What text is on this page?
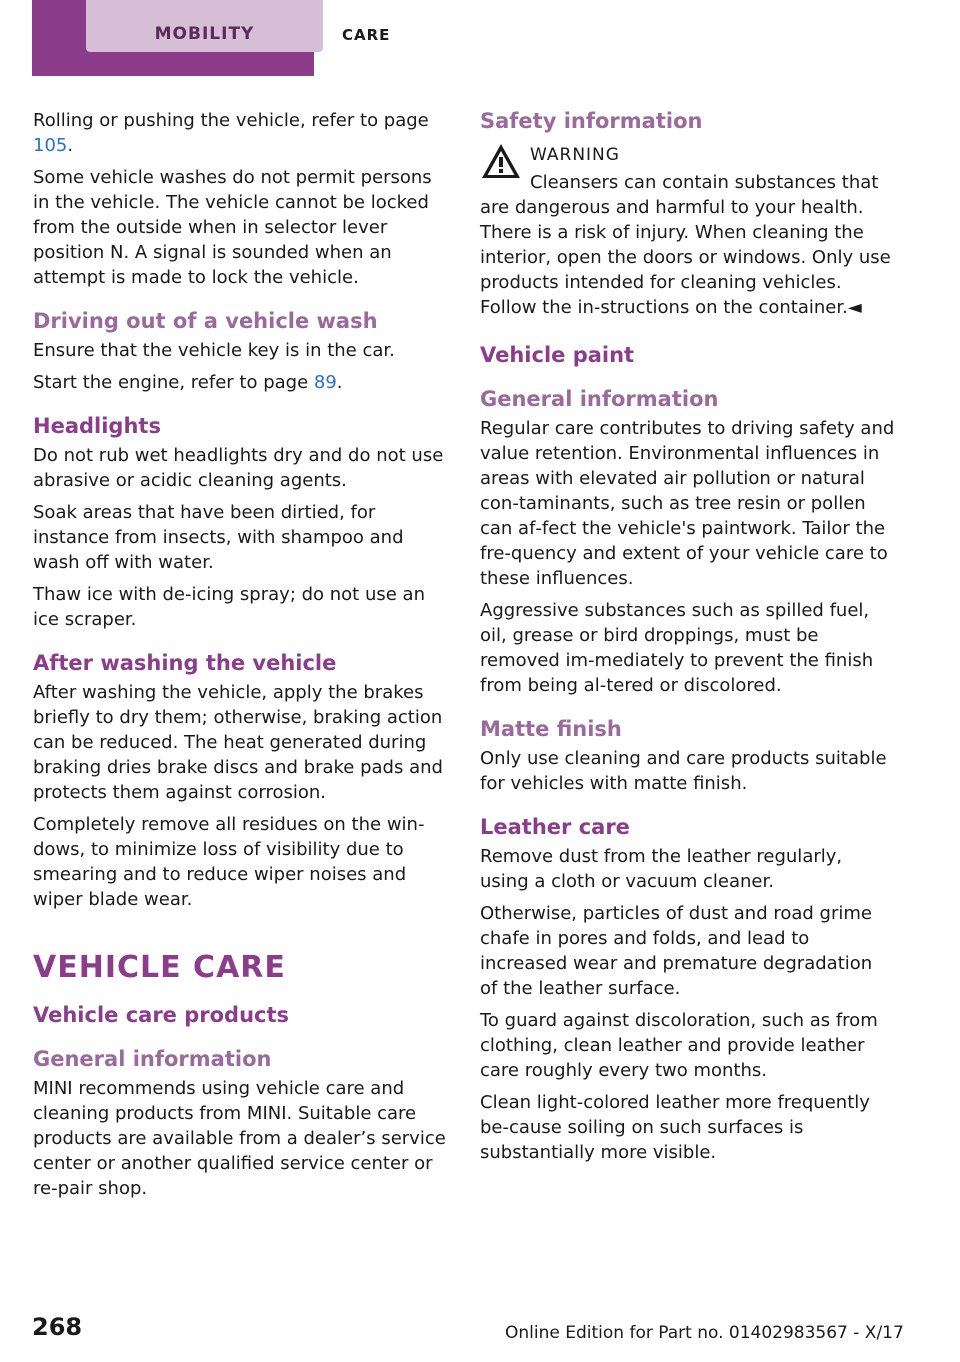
MOBILITY	CARE

Rolling or pushing the vehicle, refer to page 105.

Some vehicle washes do not permit persons in the vehicle. The vehicle cannot be locked from the outside when in selector lever position N. A signal is sounded when an attempt is made to lock the vehicle.

Driving out of a vehicle wash

Ensure that the vehicle key is in the car.

Start the engine, refer to page 89.

Headlights

Do not rub wet headlights dry and do not use abrasive or acidic cleaning agents.

Soak areas that have been dirtied, for instance from insects, with shampoo and wash off with water.

Thaw ice with de-icing spray; do not use an ice scraper.

After washing the vehicle

After washing the vehicle, apply the brakes briefly to dry them; otherwise, braking action can be reduced. The heat generated during braking dries brake discs and brake pads and protects them against corrosion.

Completely remove all residues on the win‐dows, to minimize loss of visibility due to smearing and to reduce wiper noises and wiper blade wear.

VEHICLE CARE
Vehicle care products
General information

MINI recommends using vehicle care and cleaning products from MINI. Suitable care products are available from a dealer’s service center or another qualified service center or re‐pair shop.

Safety information
WARNING

Cleansers can contain substances that are dangerous and harmful to your health. There is a risk of injury. When cleaning the interior, open the doors or windows. Only use products intended for cleaning vehicles. Follow the in‐structions on the container.◄

Vehicle paint
General information

Regular care contributes to driving safety and value retention. Environmental influences in areas with elevated air pollution or natural con‐taminants, such as tree resin or pollen can af‐fect the vehicle's paintwork. Tailor the fre‐quency and extent of your vehicle care to these influences.

Aggressive substances such as spilled fuel, oil, grease or bird droppings, must be removed im‐mediately to prevent the finish from being al‐tered or discolored.

Matte finish

Only use cleaning and care products suitable for vehicles with matte finish.

Leather care

Remove dust from the leather regularly, using a cloth or vacuum cleaner.

Otherwise, particles of dust and road grime chafe in pores and folds, and lead to increased wear and premature degradation of the leather surface.

To guard against discoloration, such as from clothing, clean leather and provide leather care roughly every two months.

Clean light-colored leather more frequently be‐cause soiling on such surfaces is substantially more visible.

268	Online Edition for Part no. 01402983567 - X/17
